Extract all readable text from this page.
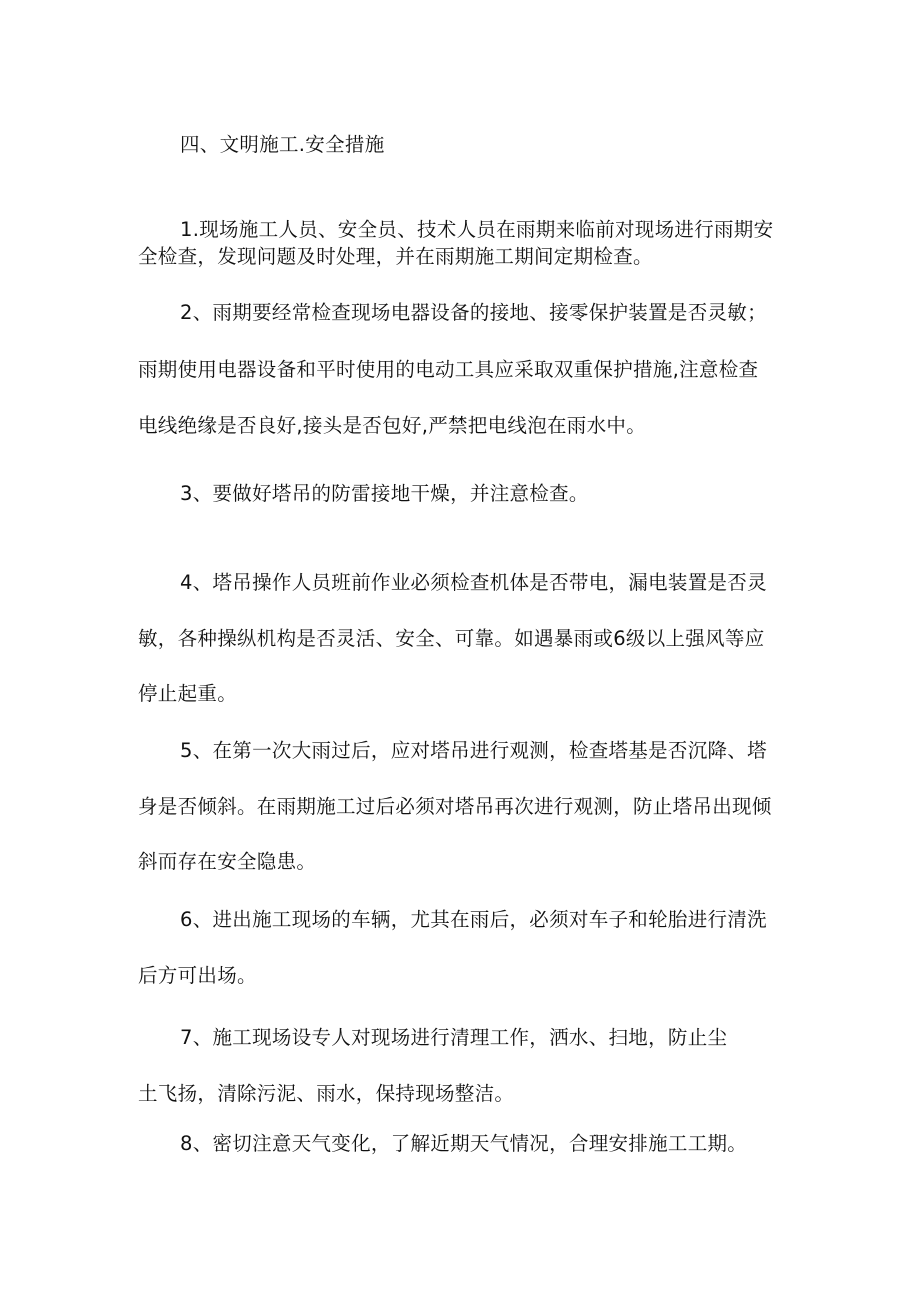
四、文明施工.安全措施
1.现场施工人员、安全员、技术人员在雨期来临前对现场进行雨期安
全检查，发现问题及时处理，并在雨期施工期间定期检查。
2、雨期要经常检查现场电器设备的接地、接零保护装置是否灵敏；
雨期使用电器设备和平时使用的电动工具应采取双重保护措施,注意检查
电线绝缘是否良好,接头是否包好,严禁把电线泡在雨水中。
3、要做好塔吊的防雷接地干燥，并注意检查。
4、塔吊操作人员班前作业必须检查机体是否带电，漏电装置是否灵
敏，各种操纵机构是否灵活、安全、可靠。如遇暴雨或6级以上强风等应
停止起重。
5、在第一次大雨过后，应对塔吊进行观测，检查塔基是否沉降、塔
身是否倾斜。在雨期施工过后必须对塔吊再次进行观测，防止塔吊出现倾
斜而存在安全隐患。
6、进出施工现场的车辆，尤其在雨后，必须对车子和轮胎进行清洗
后方可出场。
7、施工现场设专人对现场进行清理工作，洒水、扫地，防止尘
土飞扬，清除污泥、雨水，保持现场整洁。
8、密切注意天气变化，了解近期天气情况，合理安排施工工期。
